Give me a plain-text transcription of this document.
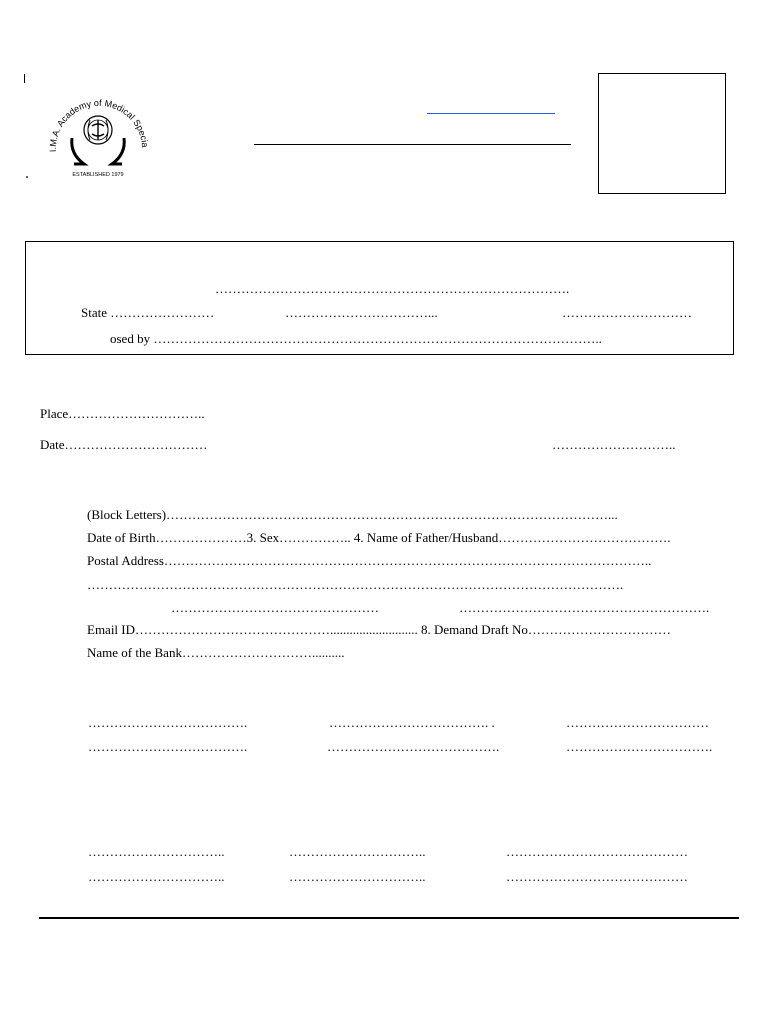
I.M.A. Academy of Medical Specia
ESTABLISHED 1979
……………………………………………………………………….
State ……………………	……………………………...	…………………………
osed by …………………………………………………………………………………………..
Place…………………………..
Date……………………………	………………………..
(Block Letters)…………………………………………………………………………………………...
Date of Birth…………………3. Sex…………….. 4. Name of Father/Husband………………………………….
Postal Address…………………………………………………………………………………………………..
…………………………………………………………………………………………………………….
…………………………………………	………………………………………………….
Email ID………………………………………........................... 8. Demand Draft No……………………………
Name of the Bank…………………………..........
……………………………….	………………………………. .	……………………………
……………………………….	………………………………….	…………………………….
…………………………..	…………………………..	……………………………………
…………………………..	…………………………..	……………………………………
